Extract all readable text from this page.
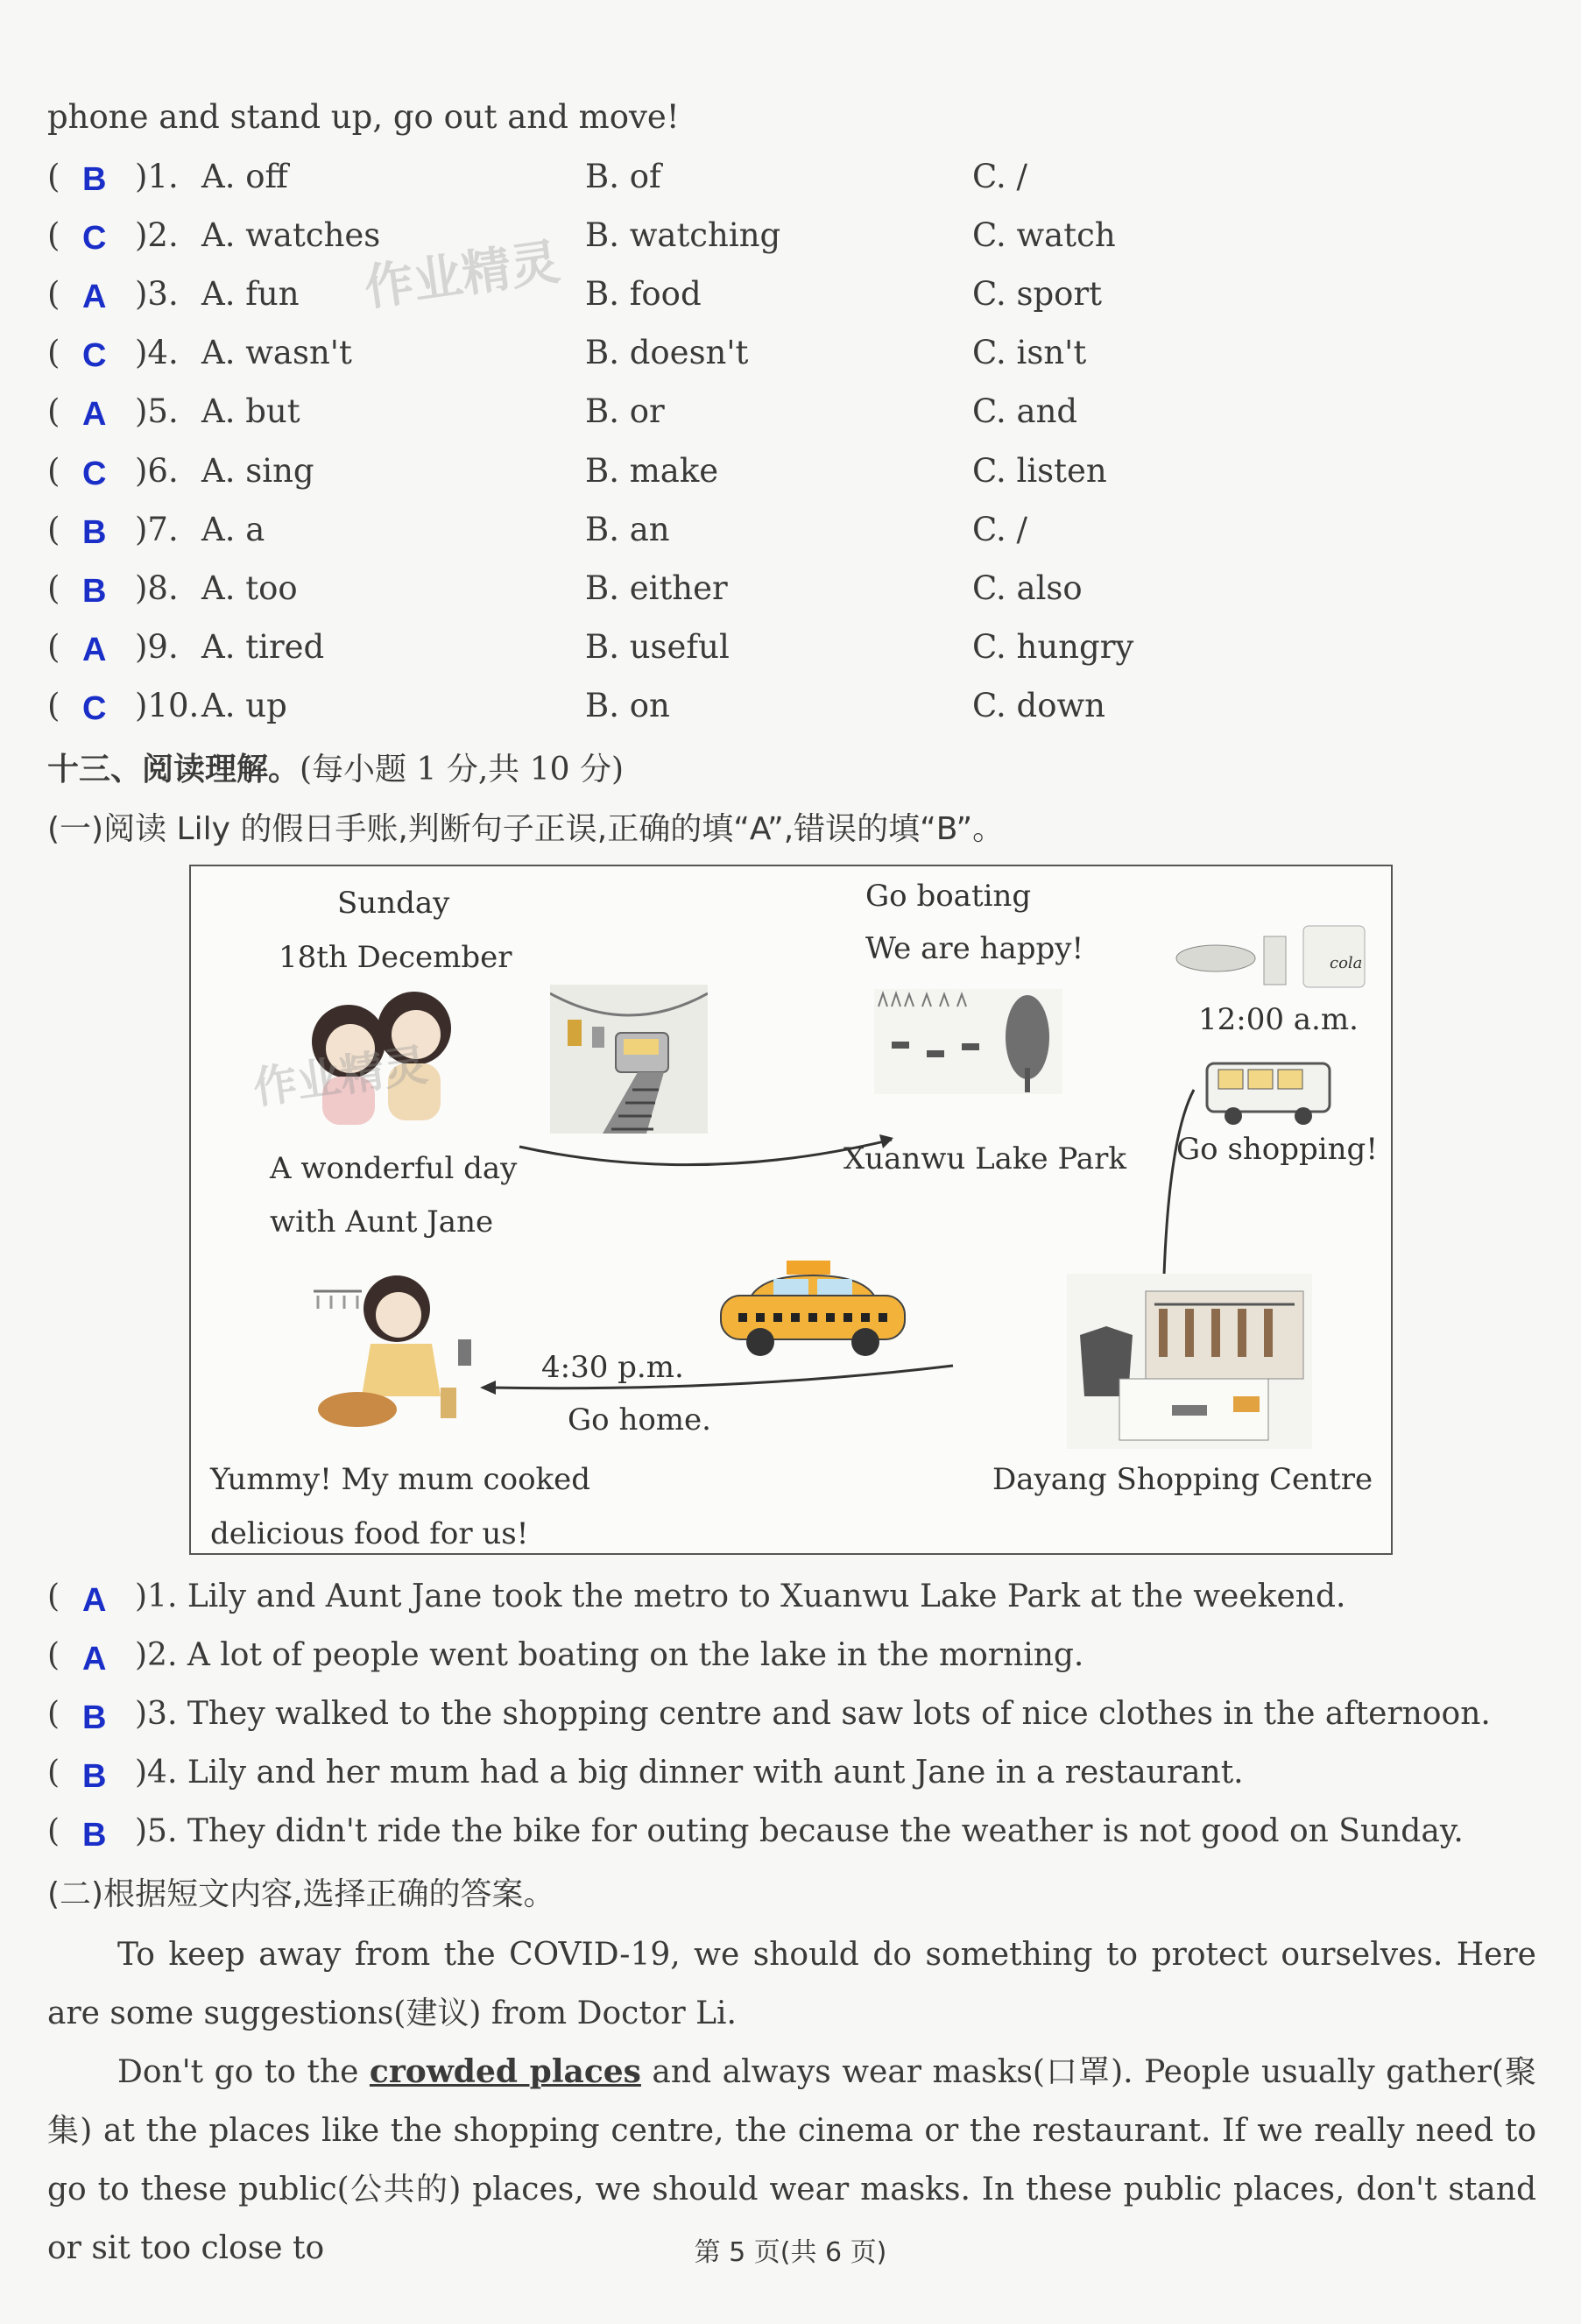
phone and stand up, go out and move!
( B )1. A. off	B. of	C. /
( C )2. A. watches	B. watching	C. watch
( A )3. A. fun	B. food	C. sport
( C )4. A. wasn't	B. doesn't	C. isn't
( A )5. A. but	B. or	C. and
( C )6. A. sing	B. make	C. listen
( B )7. A. a	B. an	C. /
( B )8. A. too	B. either	C. also
( A )9. A. tired	B. useful	C. hungry
( C )10. A. up	B. on	C. down
作业精灵
十三、阅读理解。(每小题 1 分,共 10 分)
(一)阅读 Lily 的假日手账,判断句子正误,正确的填“A”,错误的填“B”。
Sunday
18th December
作业精灵
A wonderful day
with Aunt Jane
Go boating
We are happy!
Xuanwu Lake Park
cola
12:00 a.m.
Go shopping!
Dayang Shopping Centre
4:30 p.m.
Go home.
Yummy! My mum cooked
delicious food for us!
( A )1. Lily and Aunt Jane took the metro to Xuanwu Lake Park at the weekend.
( A )2. A lot of people went boating on the lake in the morning.
( B )3. They walked to the shopping centre and saw lots of nice clothes in the afternoon.
( B )4. Lily and her mum had a big dinner with aunt Jane in a restaurant.
( B )5. They didn't ride the bike for outing because the weather is not good on Sunday.
(二)根据短文内容,选择正确的答案。
To keep away from the COVID-19, we should do something to protect ourselves. Here are some suggestions(建议) from Doctor Li.
Don't go to the crowded places and always wear masks(口罩). People usually gather(聚集) at the places like the shopping centre, the cinema or the restaurant. If we really need to go to these public(公共的) places, we should wear masks. In these public places, don't stand or sit too close to	第 5 页(共 6 页)
